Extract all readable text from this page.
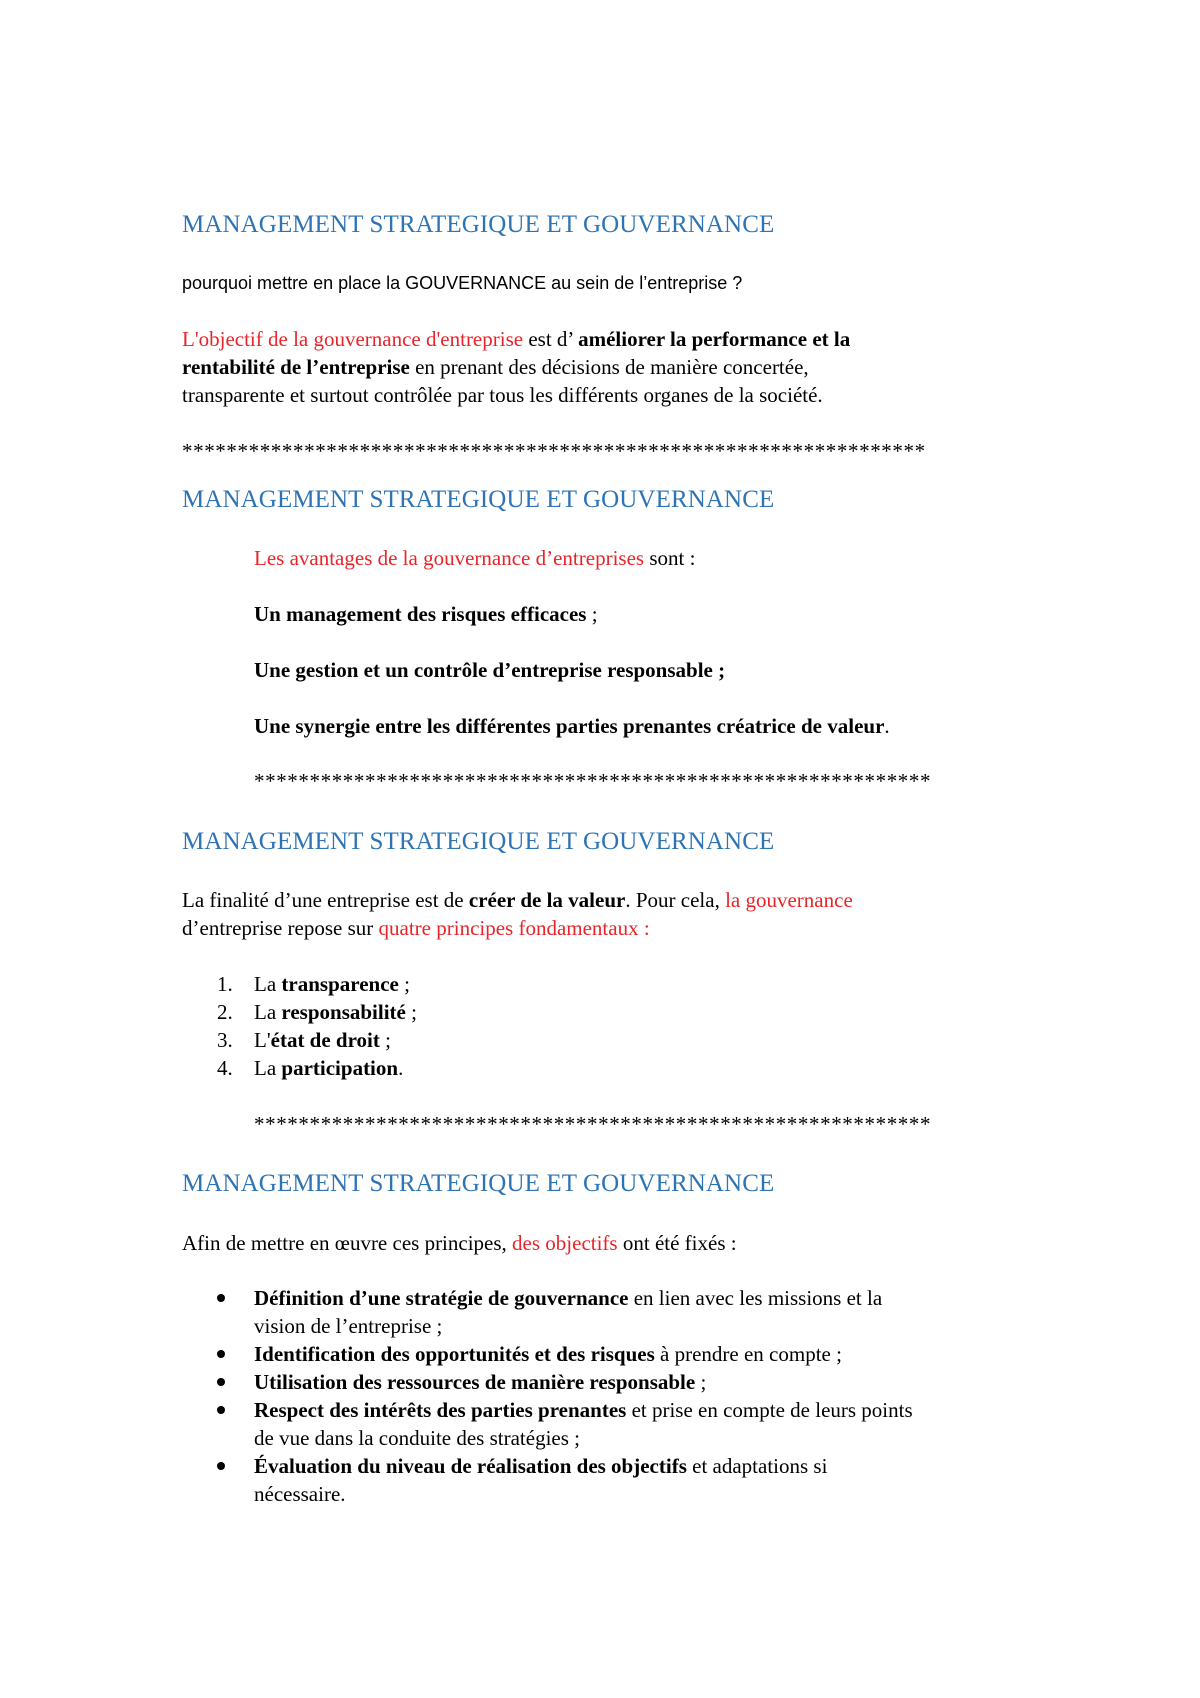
MANAGEMENT STRATEGIQUE ET GOUVERNANCE
pourquoi mettre en place la GOUVERNANCE au sein de l’entreprise ?
L'objectif de la gouvernance d'entreprise est d’ améliorer la performance et la
rentabilité de l’entreprise en prenant des décisions de manière concertée,
transparente et surtout contrôlée par tous les différents organes de la société.
*******************************************************************
MANAGEMENT STRATEGIQUE ET GOUVERNANCE
Les avantages de la gouvernance d’entreprises sont :
Un management des risques efficaces ;
Une gestion et un contrôle d’entreprise responsable ;
Une synergie entre les différentes parties prenantes créatrice de valeur.
*************************************************************
MANAGEMENT STRATEGIQUE ET GOUVERNANCE
La finalité d’une entreprise est de créer de la valeur. Pour cela, la gouvernance
d’entreprise repose sur quatre principes fondamentaux :
1. La transparence ;
2. La responsabilité ;
3. L'état de droit ;
4. La participation.
*************************************************************
MANAGEMENT STRATEGIQUE ET GOUVERNANCE
Afin de mettre en œuvre ces principes, des objectifs ont été fixés :
Définition d’une stratégie de gouvernance en lien avec les missions et la
vision de l’entreprise ;
Identification des opportunités et des risques à prendre en compte ;
Utilisation des ressources de manière responsable ;
Respect des intérêts des parties prenantes et prise en compte de leurs points
de vue dans la conduite des stratégies ;
Évaluation du niveau de réalisation des objectifs et adaptations si
nécessaire.
